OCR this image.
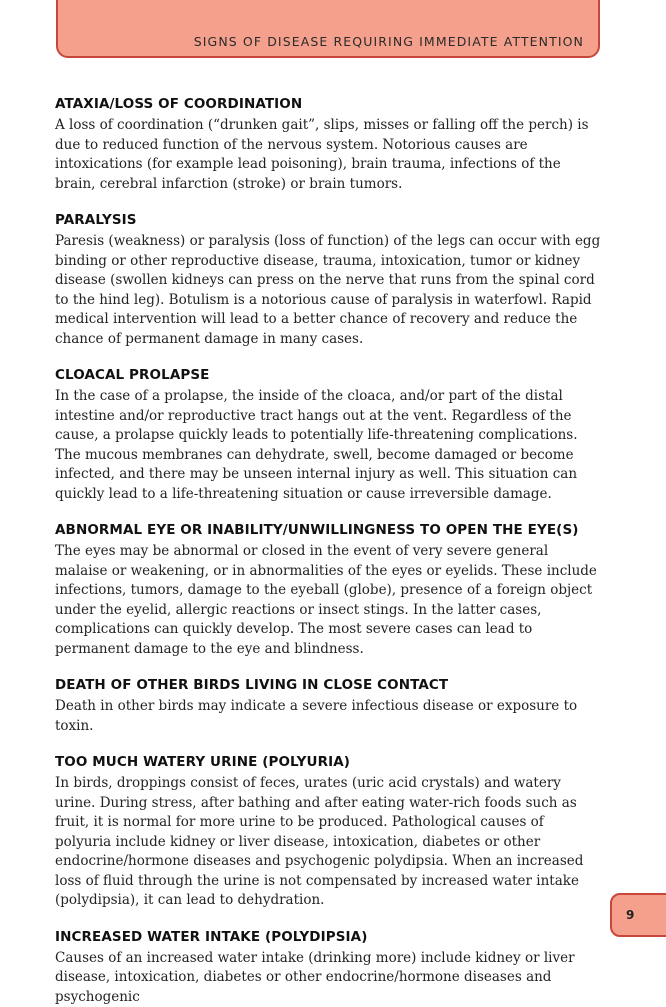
SIGNS OF DISEASE REQUIRING IMMEDIATE ATTENTION
ATAXIA/LOSS OF COORDINATION

A loss of coordination (“drunken gait”, slips, misses or falling off the perch) is due to reduced function of the nervous system. Notorious causes are intoxications (for example lead poisoning), brain trauma, infections of the brain, cerebral infarction (stroke) or brain tumors.

PARALYSIS

Paresis (weakness) or paralysis (loss of function) of the legs can occur with egg binding or other reproductive disease, trauma, intoxication, tumor or kidney disease (swollen kidneys can press on the nerve that runs from the spinal cord to the hind leg). Botulism is a notorious cause of paralysis in waterfowl. Rapid medical intervention will lead to a better chance of recovery and reduce the chance of permanent damage in many cases.

CLOACAL PROLAPSE

In the case of a prolapse, the inside of the cloaca, and/or part of the distal intestine and/or reproductive tract hangs out at the vent. Regardless of the cause, a prolapse quickly leads to potentially life-threatening complications. The mucous membranes can dehydrate, swell, become damaged or become infected, and there may be unseen internal injury as well. This situation can quickly lead to a life-threatening situation or cause irreversible damage.

ABNORMAL EYE OR INABILITY/UNWILLINGNESS TO OPEN THE EYE(S)

The eyes may be abnormal or closed in the event of very severe general malaise or weakening, or in abnormalities of the eyes or eyelids. These include infections, tumors, damage to the eyeball (globe), presence of a foreign object under the eyelid, allergic reactions or insect stings. In the latter cases, complications can quickly develop. The most severe cases can lead to permanent damage to the eye and blindness.

DEATH OF OTHER BIRDS LIVING IN CLOSE CONTACT

Death in other birds may indicate a severe infectious disease or exposure to toxin.

TOO MUCH WATERY URINE (POLYURIA)

In birds, droppings consist of feces, urates (uric acid crystals) and watery urine. During stress, after bathing and after eating water-rich foods such as fruit, it is normal for more urine to be produced. Pathological causes of polyuria include kidney or liver disease, intoxication, diabetes or other endocrine/hormone diseases and psychogenic polydipsia. When an increased loss of fluid through the urine is not compensated by increased water intake (polydipsia), it can lead to dehydration.

INCREASED WATER INTAKE (POLYDIPSIA)

Causes of an increased water intake (drinking more) include kidney or liver disease, intoxication, diabetes or other endocrine/hormone diseases and psychogenic

9
